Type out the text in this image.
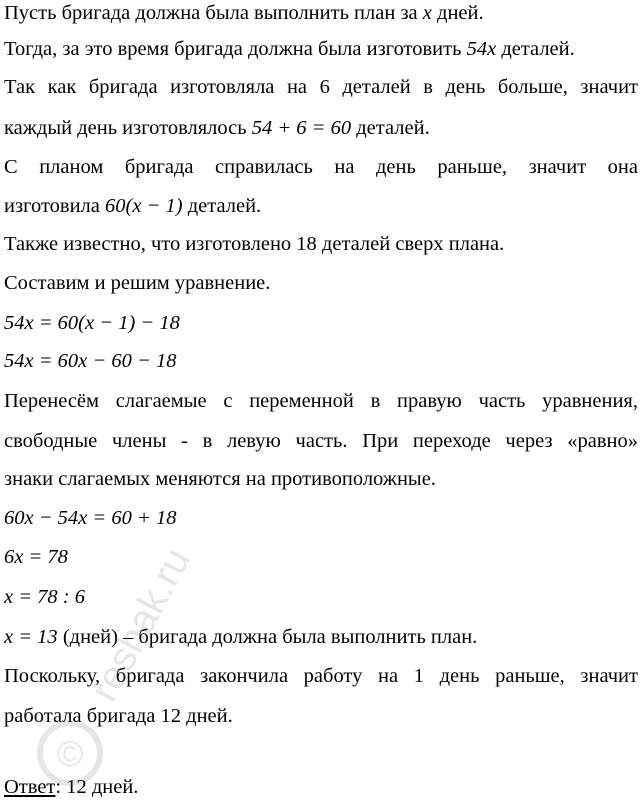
Пусть бригада должна была выполнить план за x дней.
Тогда, за это время бригада должна была изготовить 54x деталей.
Так как бригада изготовляла на 6 деталей в день больше, значит
каждый день изготовлялось 54 + 6 = 60 деталей.
С планом бригада справилась на день раньше, значит она
изготовила 60(x − 1) деталей.
Также известно, что изготовлено 18 деталей сверх плана.
Составим и решим уравнение.
54x = 60(x − 1) − 18
54x = 60x − 60 − 18
Перенесём слагаемые с переменной в правую часть уравнения,
свободные члены - в левую часть. При переходе через «равно»
знаки слагаемых меняются на противоположные.
60x − 54x = 60 + 18
6x = 78
x = 78 : 6
x = 13 (дней) – бригада должна была выполнить план.
Поскольку, бригада закончила работу на 1 день раньше, значит
работала бригада 12 дней.
Ответ: 12 дней.
©
reshak.ru
